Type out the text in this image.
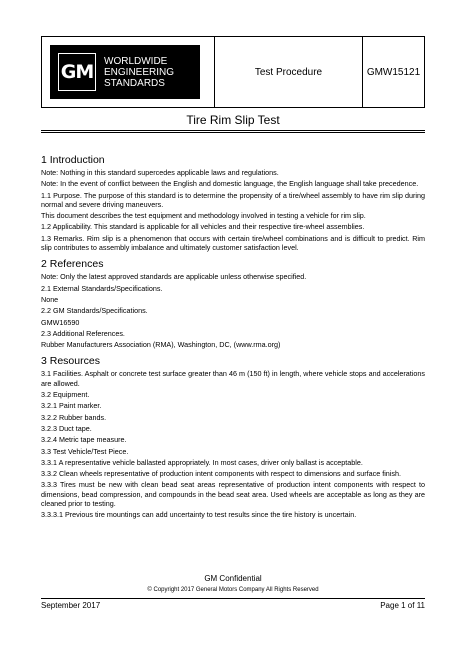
GM WORLDWIDE
ENGINEERING
STANDARDS
Test Procedure	GMW15121
Tire Rim Slip Test
1 Introduction

Note: Nothing in this standard supercedes applicable laws and regulations.

Note: In the event of conflict between the English and domestic language, the English language shall take precedence.

1.1 Purpose. The purpose of this standard is to determine the propensity of a tire/wheel assembly to have rim slip during normal and severe driving maneuvers.

This document describes the test equipment and methodology involved in testing a vehicle for rim slip.

1.2 Applicability. This standard is applicable for all vehicles and their respective tire-wheel assemblies.

1.3 Remarks. Rim slip is a phenomenon that occurs with certain tire/wheel combinations and is difficult to predict. Rim slip contributes to assembly imbalance and ultimately customer satisfaction level.

2 References

Note: Only the latest approved standards are applicable unless otherwise specified.

2.1 External Standards/Specifications.

None

2.2 GM Standards/Specifications.

GMW16590

2.3 Additional References.

Rubber Manufacturers Association (RMA), Washington, DC, (www.rma.org)

3 Resources

3.1 Facilities. Asphalt or concrete test surface greater than 46 m (150 ft) in length, where vehicle stops and accelerations are allowed.

3.2 Equipment.

3.2.1 Paint marker.

3.2.2 Rubber bands.

3.2.3 Duct tape.

3.2.4 Metric tape measure.

3.3 Test Vehicle/Test Piece.

3.3.1 A representative vehicle ballasted appropriately. In most cases, driver only ballast is acceptable.

3.3.2 Clean wheels representative of production intent components with respect to dimensions and surface finish.

3.3.3 Tires must be new with clean bead seat areas representative of production intent components with respect to dimensions, bead compression, and compounds in the bead seat area. Used wheels are acceptable as long as they are cleaned prior to testing.

3.3.3.1 Previous tire mountings can add uncertainty to test results since the tire history is uncertain.

GM Confidential
© Copyright 2017 General Motors Company All Rights Reserved
September 2017	Page 1 of 11
